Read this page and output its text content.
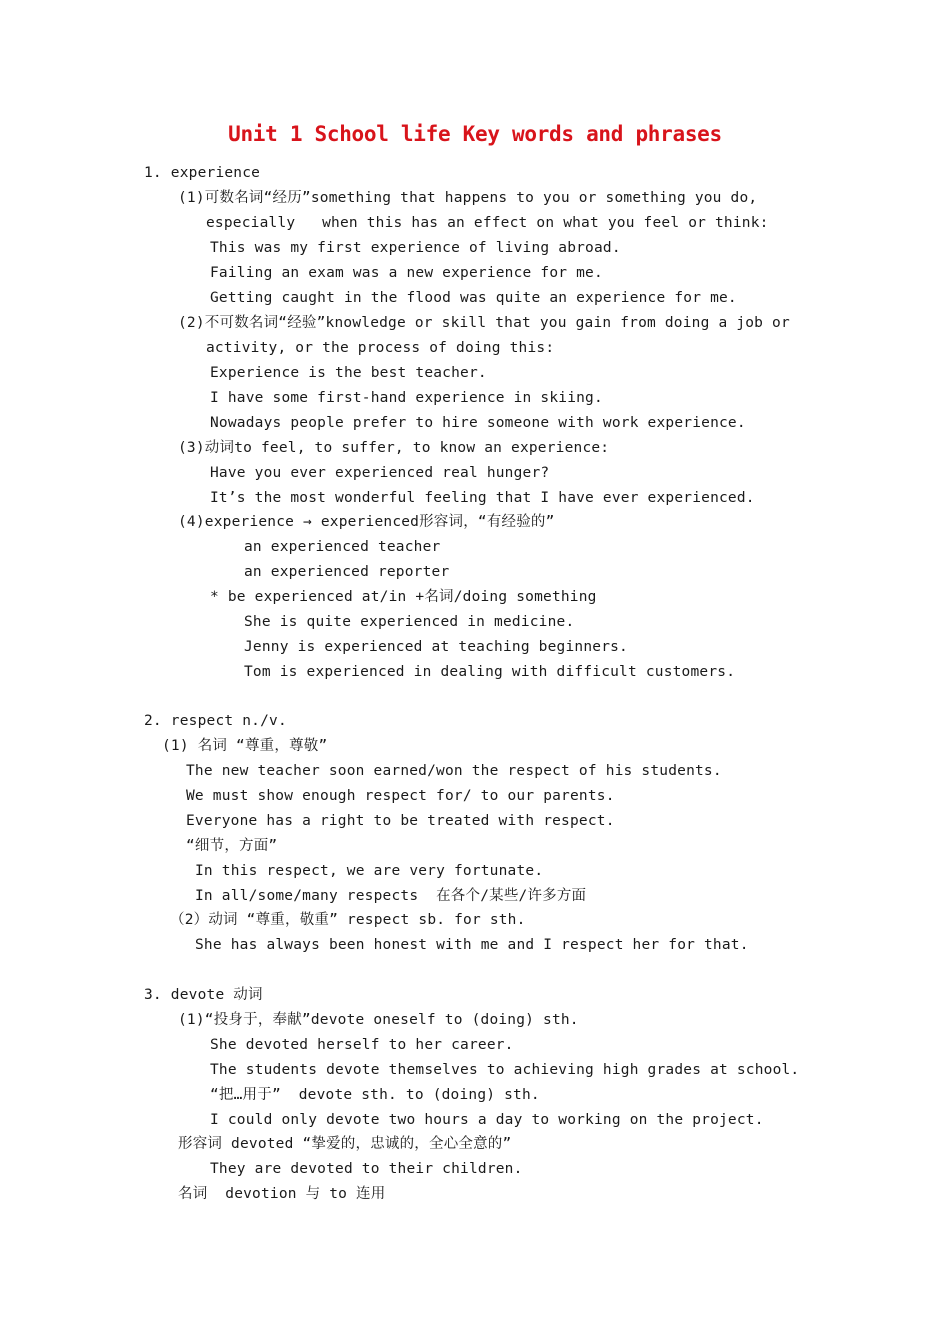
Unit 1 School life Key words and phrases
1. experience
(1)可数名词“经历”something that happens to you or something you do,
especially   when this has an effect on what you feel or think:
This was my first experience of living abroad.
Failing an exam was a new experience for me.
Getting caught in the flood was quite an experience for me.
(2)不可数名词“经验”knowledge or skill that you gain from doing a job or
activity, or the process of doing this:
Experience is the best teacher.
I have some first-hand experience in skiing.
Nowadays people prefer to hire someone with work experience.
(3)动词to feel, to suffer, to know an experience:
Have you ever experienced real hunger?
It’s the most wonderful feeling that I have ever experienced.
(4)experience → experienced形容词，“有经验的”
an experienced teacher
an experienced reporter
* be experienced at/in +名词/doing something
She is quite experienced in medicine.
Jenny is experienced at teaching beginners.
Tom is experienced in dealing with difficult customers.
2. respect n./v.
(1) 名词 “尊重，尊敬”
The new teacher soon earned/won the respect of his students.
We must show enough respect for/ to our parents.
Everyone has a right to be treated with respect.
“细节，方面”
In this respect, we are very fortunate.
In all/some/many respects  在各个/某些/许多方面
（2）动词 “尊重，敬重” respect sb. for sth.
She has always been honest with me and I respect her for that.
3. devote 动词
(1)“投身于，奉献”devote oneself to (doing) sth.
She devoted herself to her career.
The students devote themselves to achieving high grades at school.
“把…用于”  devote sth. to (doing) sth.
I could only devote two hours a day to working on the project.
形容词 devoted “挚爱的，忠诚的，全心全意的”
They are devoted to their children.
名词  devotion 与 to 连用
